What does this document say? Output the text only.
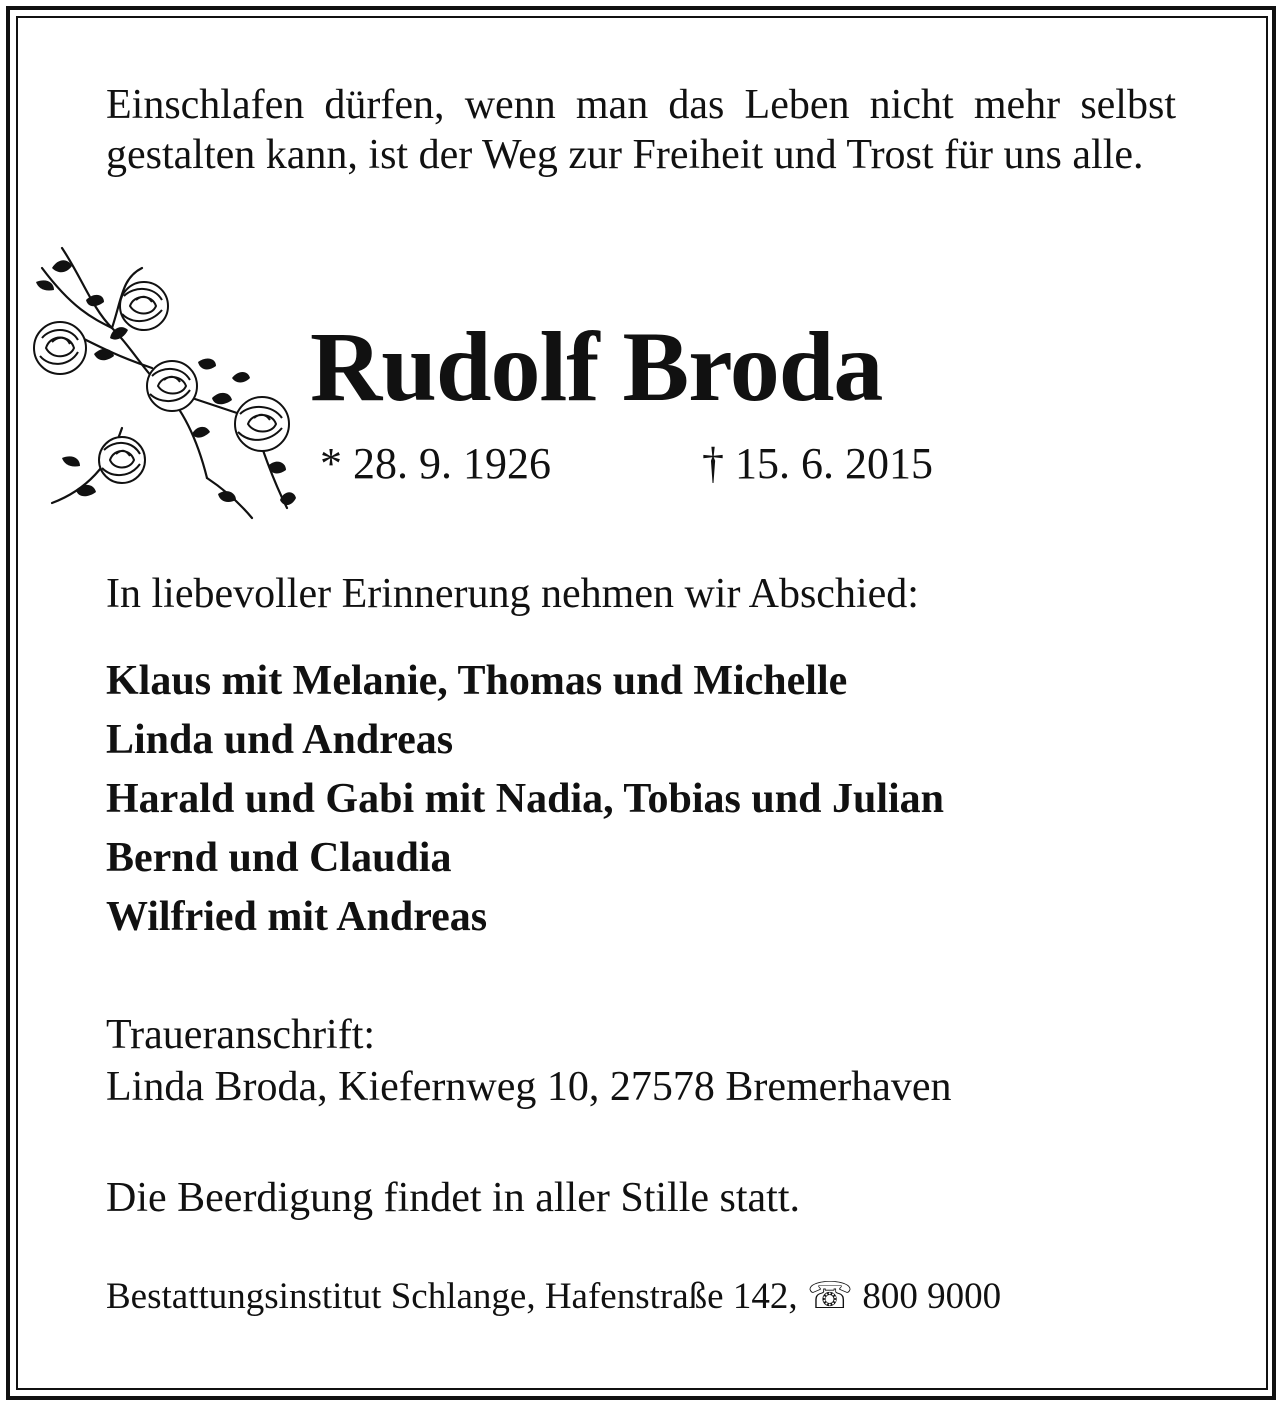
Einschlafen dürfen, wenn man das Leben nicht mehr selbst gestalten kann, ist der Weg zur Freiheit und Trost für uns alle.

Rudolf Broda
* 28. 9. 1926	† 15. 6. 2015
In liebevoller Erinnerung nehmen wir Abschied:
Klaus mit Melanie, Thomas und Michelle
Linda und Andreas
Harald und Gabi mit Nadia, Tobias und Julian
Bernd und Claudia
Wilfried mit Andreas
Traueranschrift:
Linda Broda, Kiefernweg 10, 27578 Bremerhaven
Die Beerdigung findet in aller Stille statt.
Bestattungsinstitut Schlange, Hafenstraße 142, ☏ 800 9000
